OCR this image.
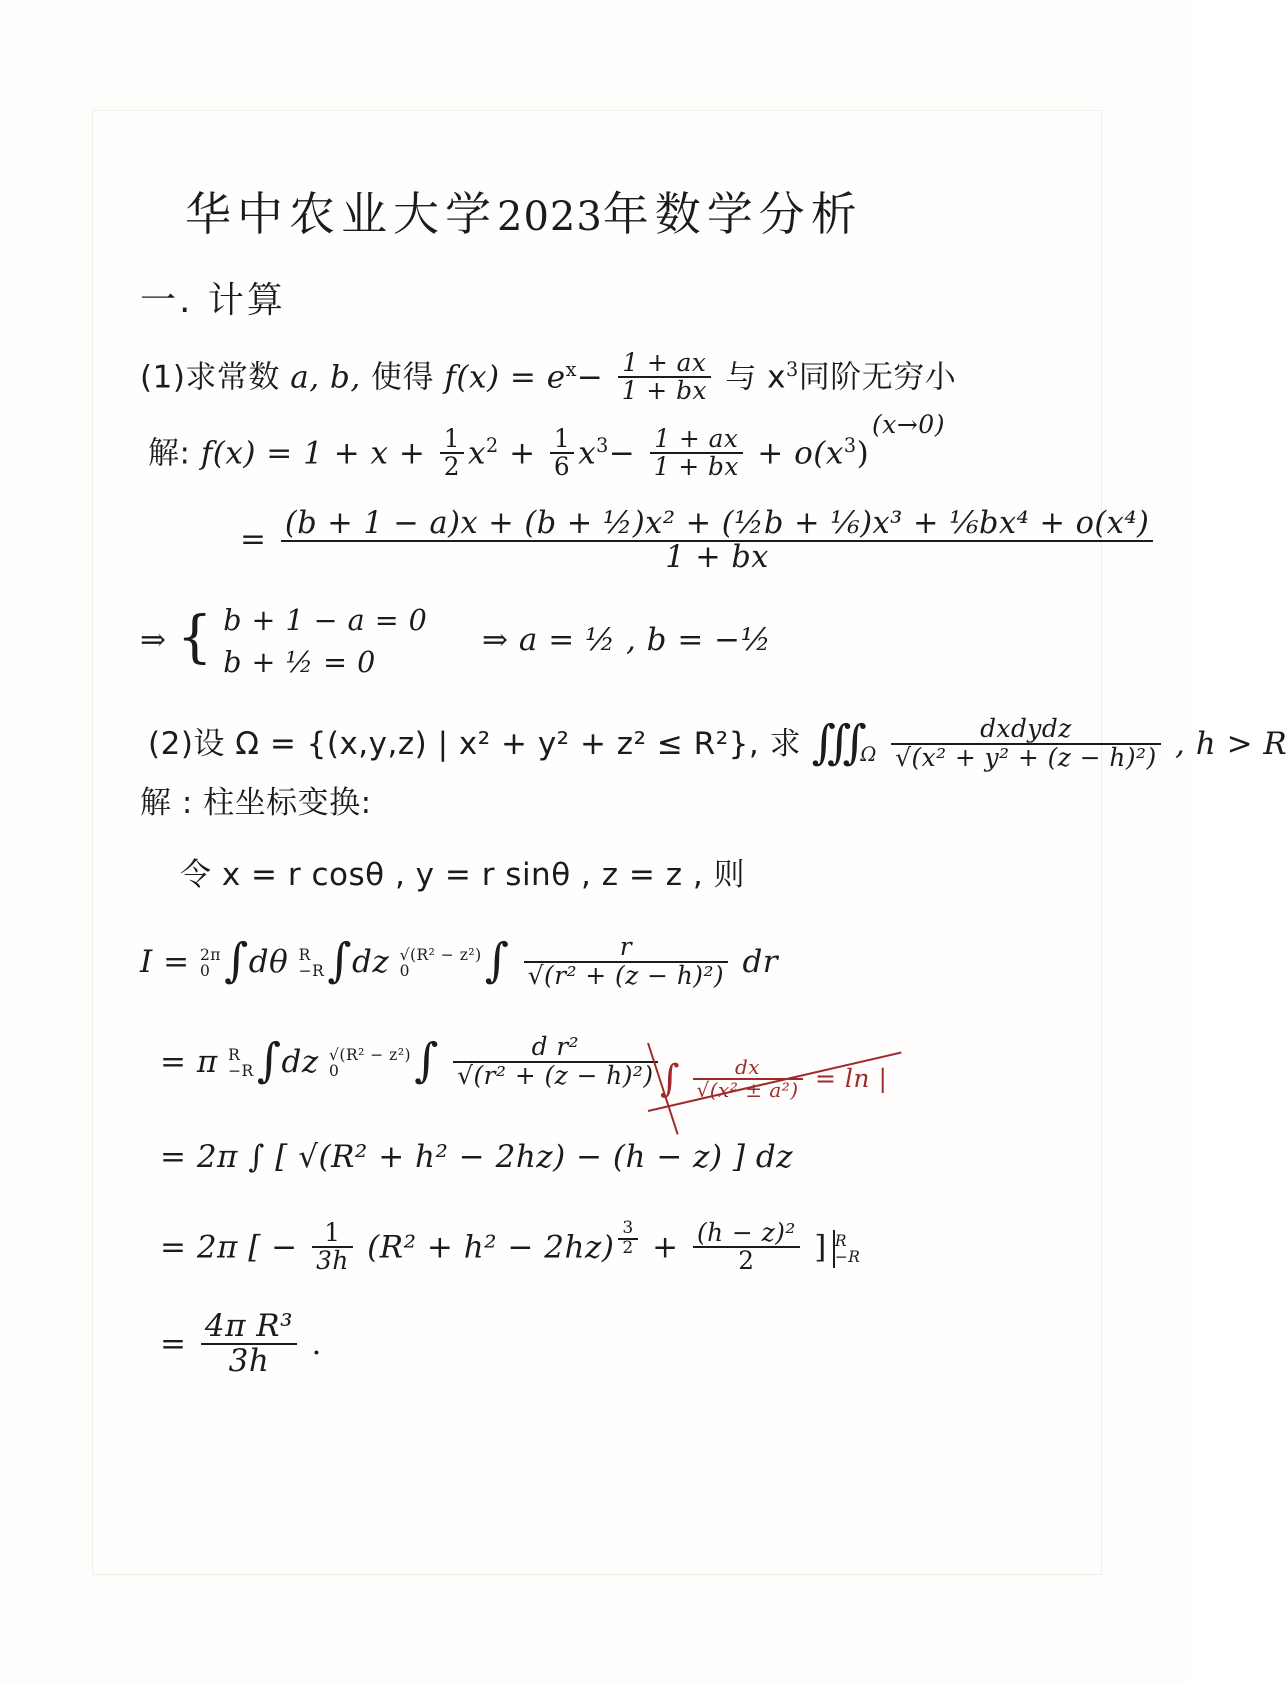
华中农业大学2023年数学分析
一. 计算
(1)求常数 a, b, 使得 $f(x) = e^x- \frac{1 + ax}{1 + bx}$ 与 $x^3$同阶无穷小
(x→0)
解: $f(x) = 1 + x + \frac{1}{2} x^2 + \frac{1}{6} x^3- \frac{1 + ax}{1 + bx} + o(x^3)$
= $\frac{\text{(b + 1 − a)x + (b + ½)x² + (½b + ⅙)x³ + ⅙bx⁴ + o(x⁴)}}{1 + bx}$
⇒ { b + 1 − a = 0
b + ½ = 0
⇒ a = ½ , b = −½
(2)设 Ω = {(x,y,z) | x² + y² + z² ≤ R²}, 求 $∭_\Omega \frac{\text{dxdydz}}{\text{√(x² + y² + (z − h)²)}}$ , h > R
解 : 柱坐标变换:
令 x = r cosθ , y = r sinθ , z = z , 则
I = 2π
0 ∫dθ R
−R ∫dz √(R² − z²)
0	∫ $\frac{r}{\text{√(r² + (z − h)²)}}$ dr
= π R
−R ∫dz √(R² − z²)
0	∫ $\frac{\text{d r²}}{\text{√(r² + (z − h)²)}}$ ∫ $\frac{dx}{\text{√(x² ± a²)}} = \ln$ |
= 2π ∫ [ √(R² + h² − 2hz) − (h − z) ] dz
= 2π [ − $\frac{1}{3h} (R^2 + h^2 - 2hz) \frac{3}{2} + \frac{\text{(h − z)²}}{2}$ ] R
−R
= $\frac{\text{4π R³}}{3h}$ .
